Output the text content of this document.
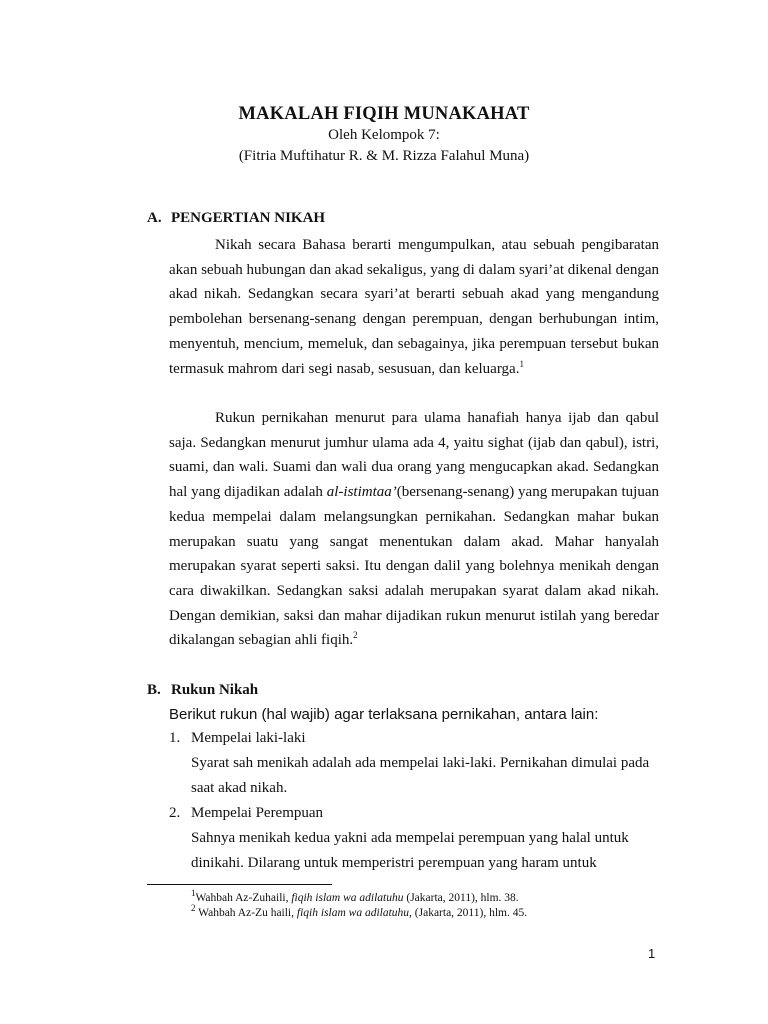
MAKALAH FIQIH MUNAKAHAT
Oleh Kelompok 7:
(Fitria Muftihatur R. & M. Rizza Falahul Muna)
A. PENGERTIAN NIKAH
Nikah secara Bahasa berarti mengumpulkan, atau sebuah pengibaratan akan sebuah hubungan dan akad sekaligus, yang di dalam syari’at dikenal dengan akad nikah. Sedangkan secara syari’at berarti sebuah akad yang mengandung pembolehan bersenang-senang dengan perempuan, dengan berhubungan intim, menyentuh, mencium, memeluk, dan sebagainya, jika perempuan tersebut bukan termasuk mahrom dari segi nasab, sesusuan, dan keluarga.$^1$
Rukun pernikahan menurut para ulama hanafiah hanya ijab dan qabul saja. Sedangkan menurut jumhur ulama ada 4, yaitu sighat (ijab dan qabul), istri, suami, dan wali. Suami dan wali dua orang yang mengucapkan akad. Sedangkan hal yang dijadikan adalah al-istimtaa’(bersenang-senang) yang merupakan tujuan kedua mempelai dalam melangsungkan pernikahan. Sedangkan mahar bukan merupakan suatu yang sangat menentukan dalam akad. Mahar hanyalah merupakan syarat seperti saksi. Itu dengan dalil yang bolehnya menikah dengan cara diwakilkan. Sedangkan saksi adalah merupakan syarat dalam akad nikah. Dengan demikian, saksi dan mahar dijadikan rukun menurut istilah yang beredar dikalangan sebagian ahli fiqih.$^2$
B. Rukun Nikah
Berikut rukun (hal wajib) agar terlaksana pernikahan, antara lain:
1. Mempelai laki-laki
Syarat sah menikah adalah ada mempelai laki-laki. Pernikahan dimulai pada saat akad nikah.
2. Mempelai Perempuan
Sahnya menikah kedua yakni ada mempelai perempuan yang halal untuk dinikahi. Dilarang untuk memperistri perempuan yang haram untuk
$^1$Wahbah Az-Zuhaili, fiqih islam wa adilatuhu (Jakarta, 2011), hlm. 38.
$^2$ Wahbah Az-Zu haili, fiqih islam wa adilatuhu, (Jakarta, 2011), hlm. 45.
1
